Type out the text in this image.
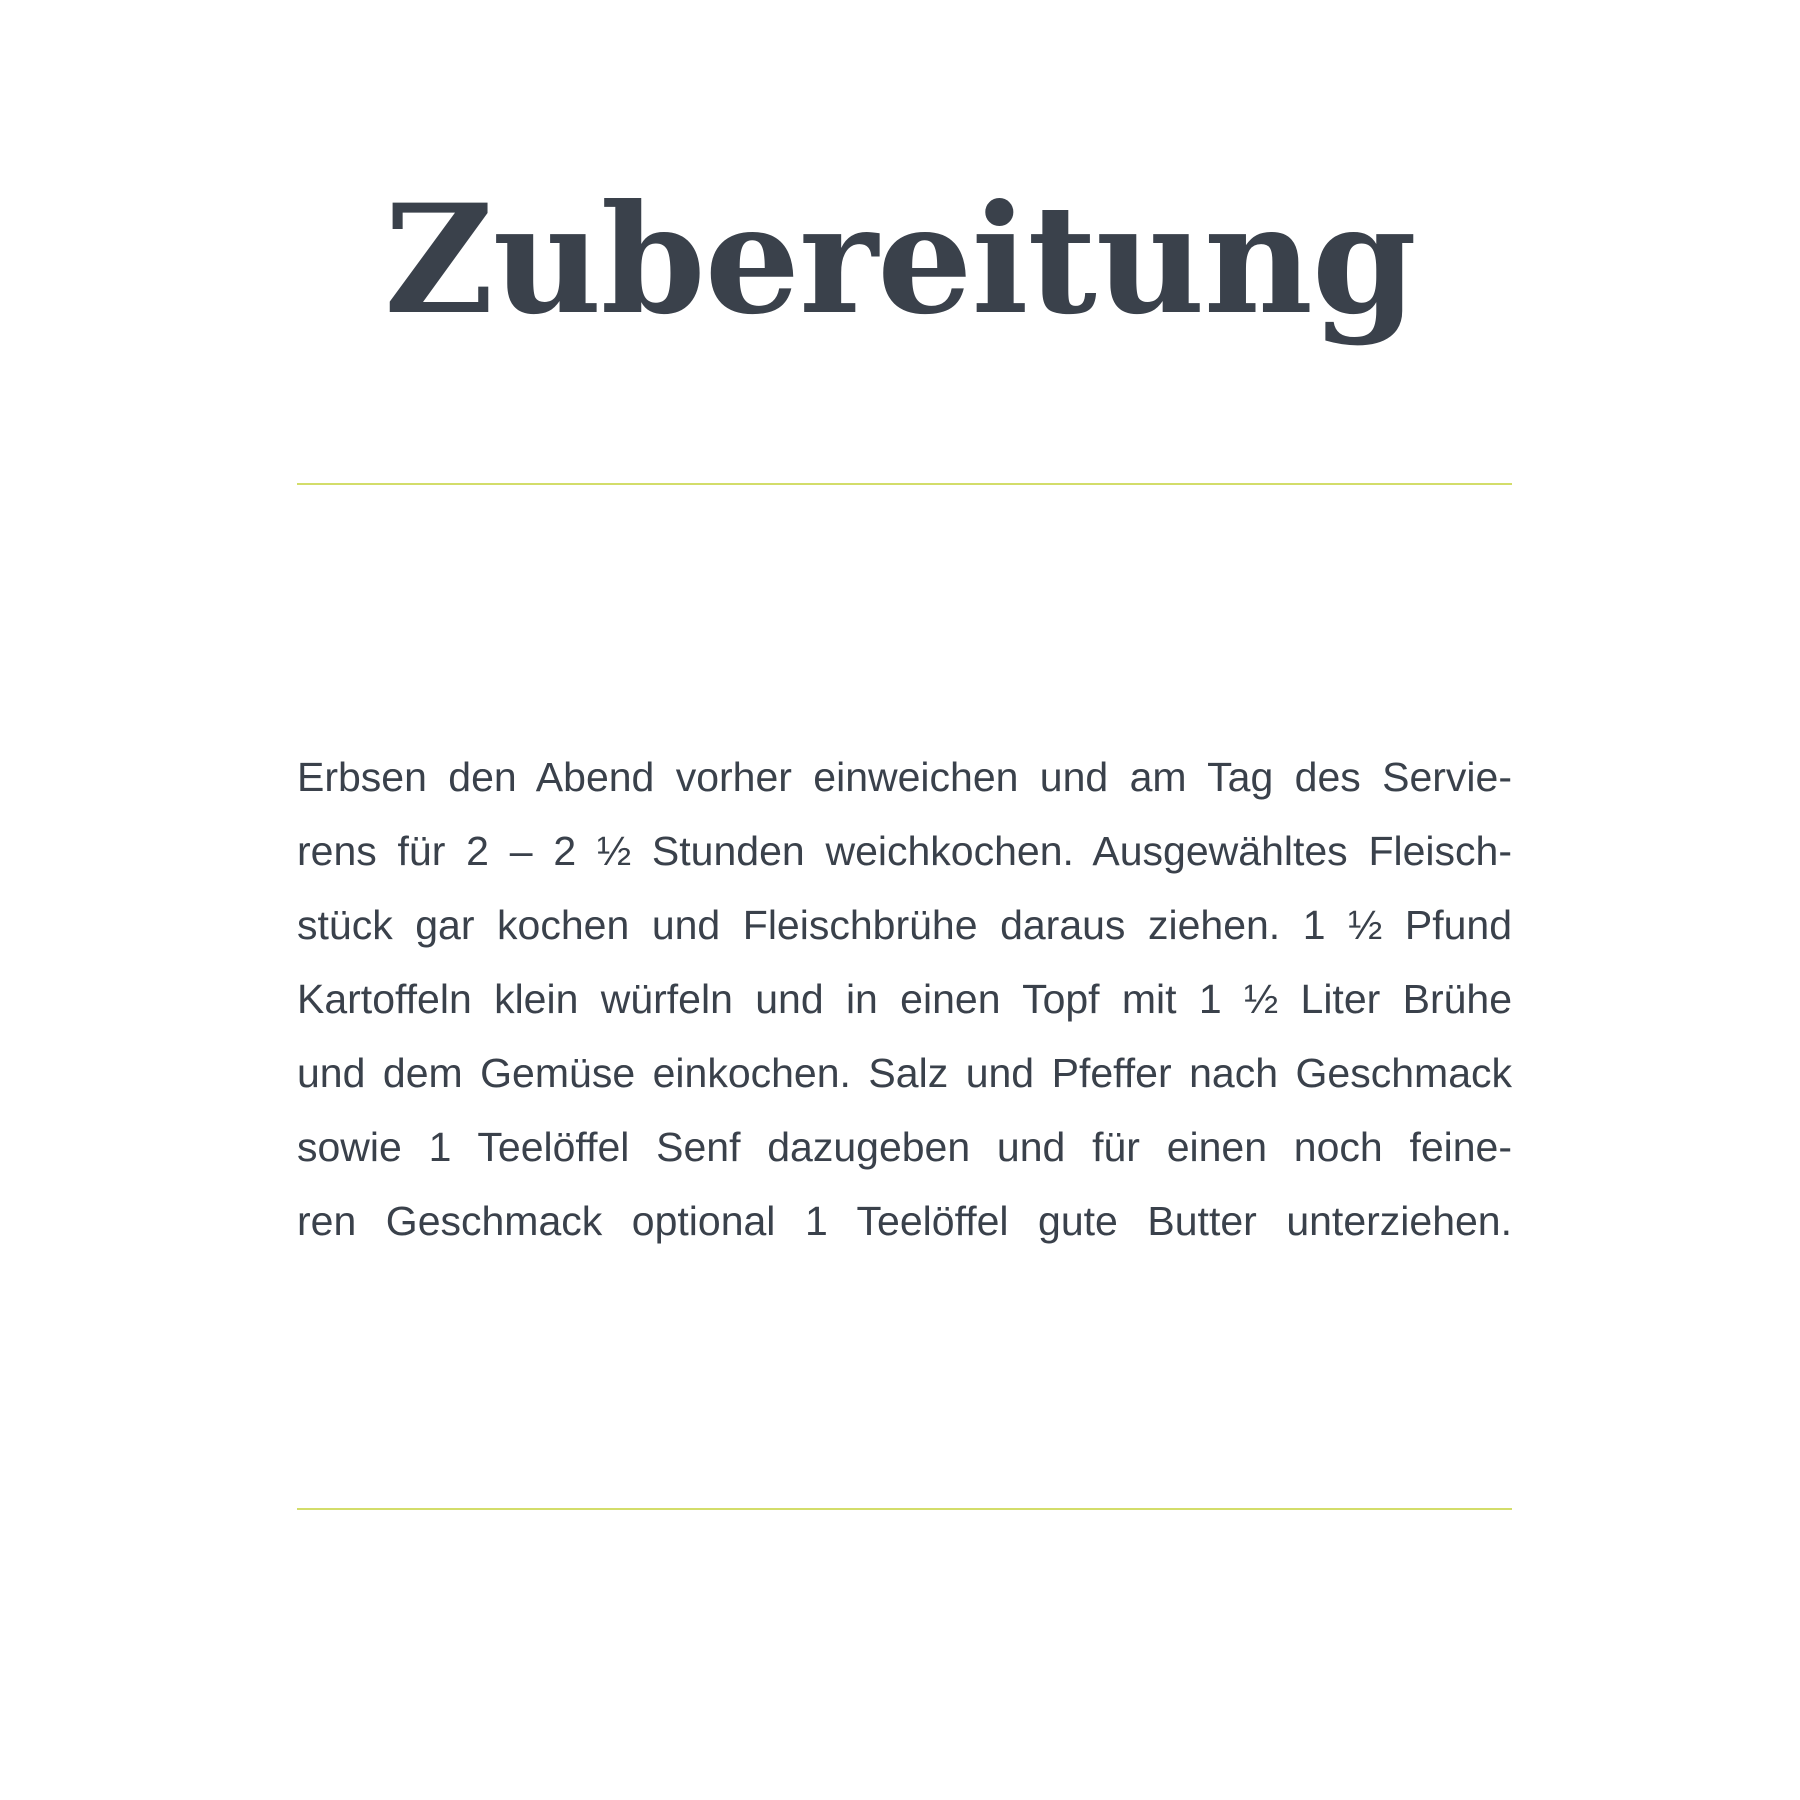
Zubereitung
Erbsen den Abend vorher einweichen und am Tag des Servie-
rens für 2 – 2 ½ Stunden weichkochen. Ausgewähltes Fleisch-
stück gar kochen und Fleischbrühe daraus ziehen. 1 ½ Pfund
Kartoffeln klein würfeln und in einen Topf mit 1 ½ Liter Brühe
und dem Gemüse einkochen. Salz und Pfeffer nach Geschmack
sowie 1 Teelöffel Senf dazugeben und für einen noch feine-
ren Geschmack optional 1 Teelöffel gute Butter unterziehen.
